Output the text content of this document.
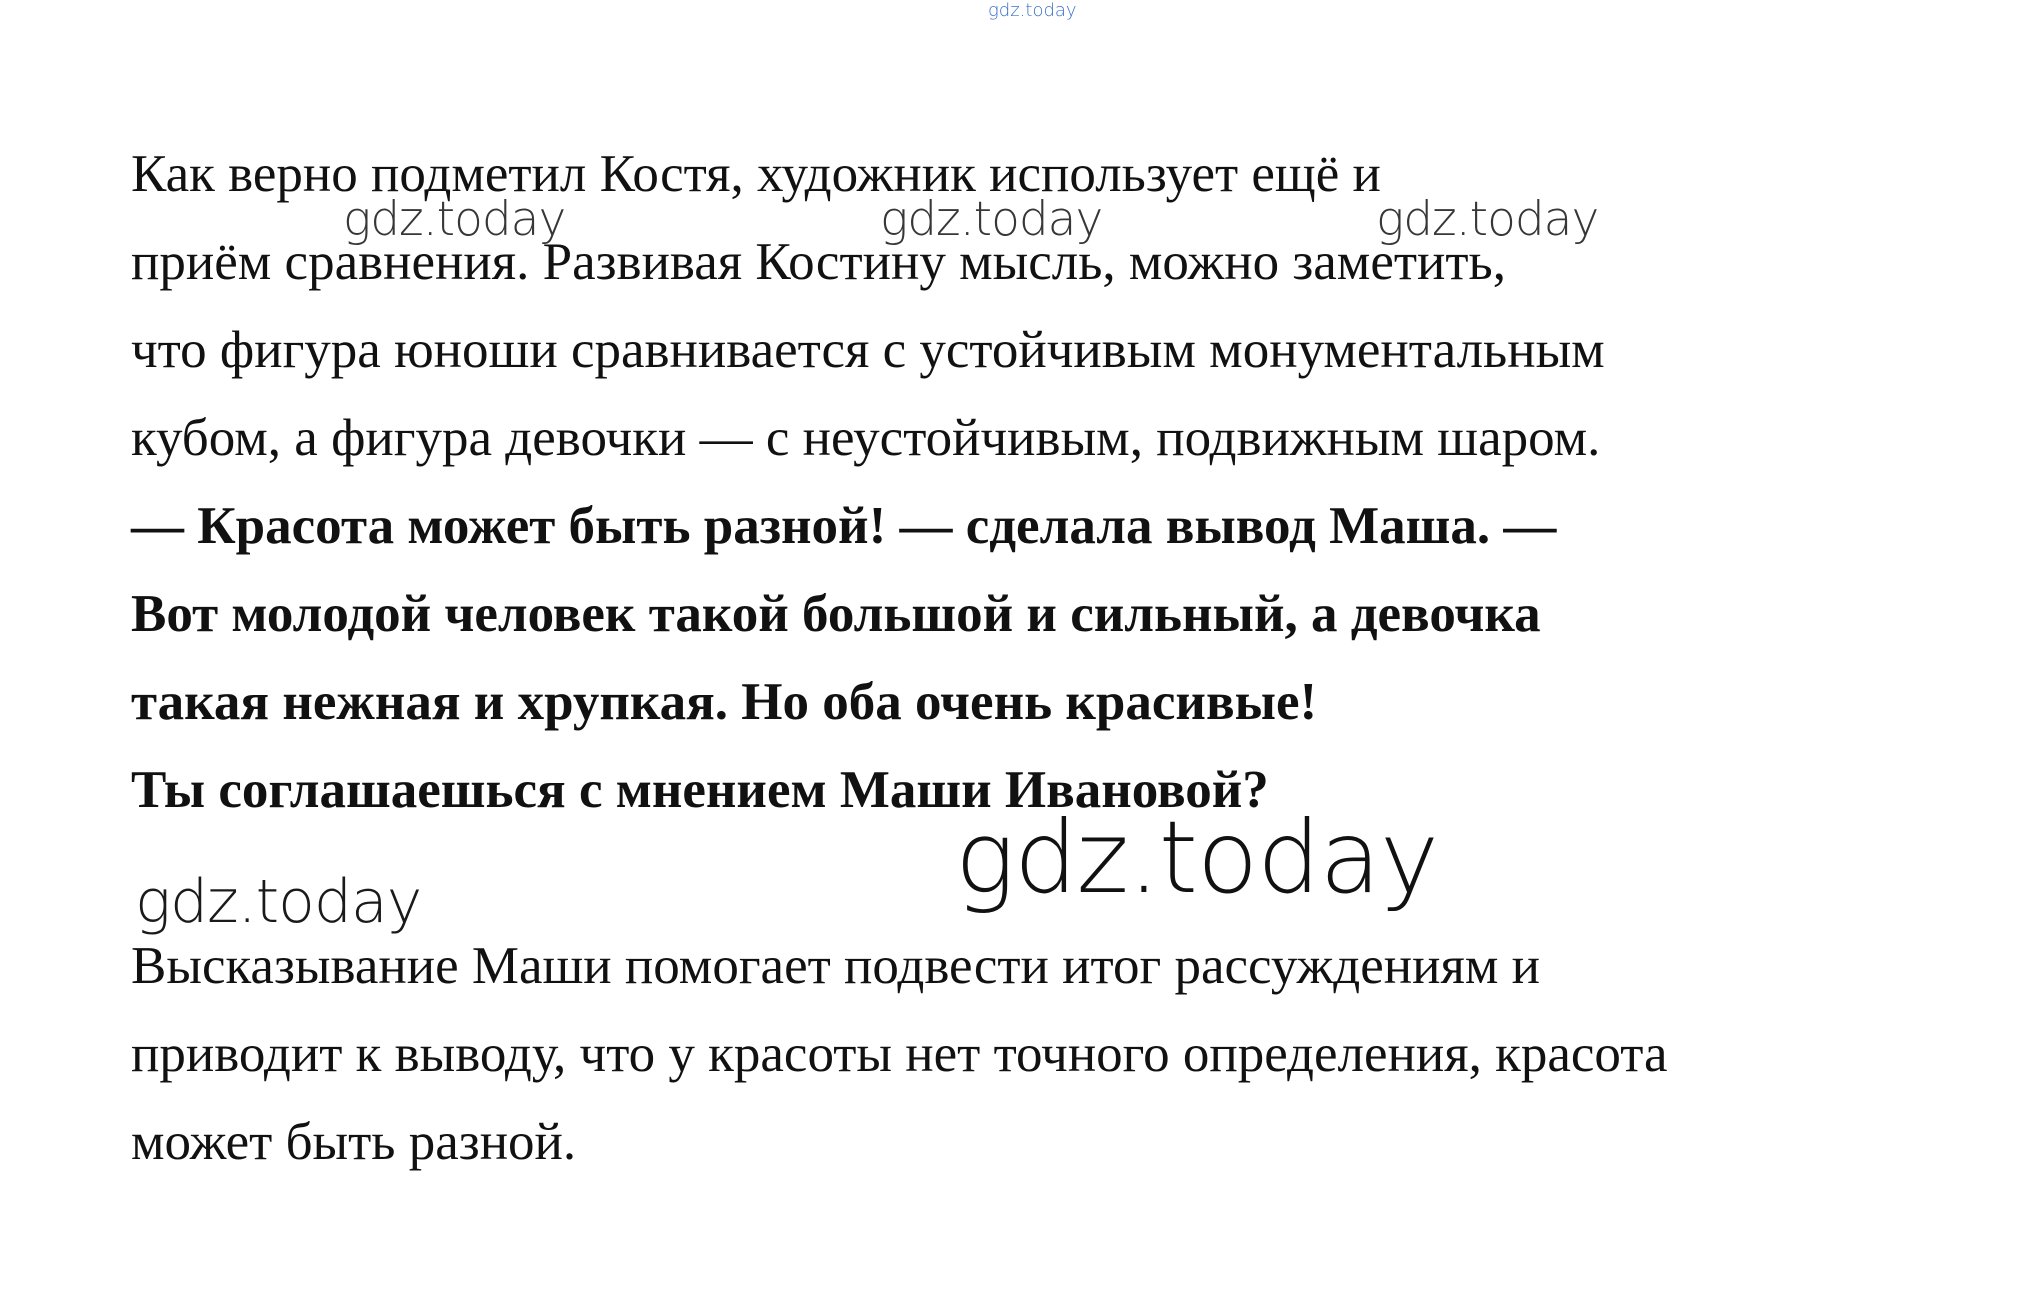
gdz.today
Как верно подметил Костя, художник использует ещё и
gdz.today	gdz.today	gdz.today
приём сравнения. Развивая Костину мысль, можно заметить,
что фигура юноши сравнивается с устойчивым монументальным
кубом, а фигура девочки — с неустойчивым, подвижным шаром.
— Красота может быть разной! — сделала вывод Маша. —
Вот молодой человек такой большой и сильный, а девочка
такая нежная и хрупкая. Но оба очень красивые!
Ты соглашаешься с мнением Маши Ивановой?
gdz.today
gdz.today
Высказывание Маши помогает подвести итог рассуждениям и
приводит к выводу, что у красоты нет точного определения, красота
может быть разной.
